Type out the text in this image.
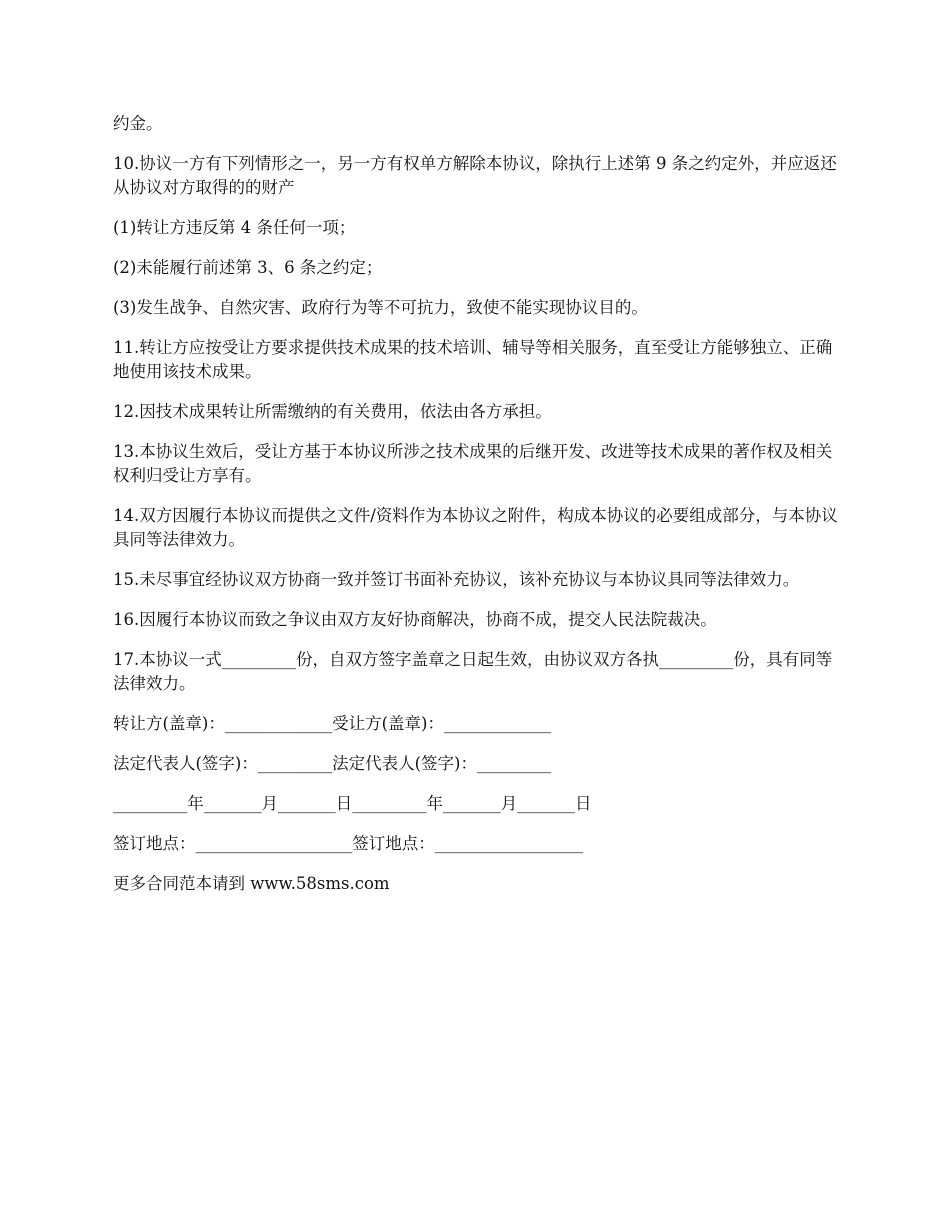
约金。

10.协议一方有下列情形之一，另一方有权单方解除本协议，除执行上述第 9 条之约定外，并应返还从协议对方取得的的财产

(1)转让方违反第 4 条任何一项；

(2)未能履行前述第 3、6 条之约定；

(3)发生战争、自然灾害、政府行为等不可抗力，致使不能实现协议目的。

11.转让方应按受让方要求提供技术成果的技术培训、辅导等相关服务，直至受让方能够独立、正确地使用该技术成果。

12.因技术成果转让所需缴纳的有关费用，依法由各方承担。

13.本协议生效后，受让方基于本协议所涉之技术成果的后继开发、改进等技术成果的著作权及相关权利归受让方享有。

14.双方因履行本协议而提供之文件/资料作为本协议之附件，构成本协议的必要组成部分，与本协议具同等法律效力。

15.未尽事宜经协议双方协商一致并签订书面补充协议，该补充协议与本协议具同等法律效力。

16.因履行本协议而致之争议由双方友好协商解决，协商不成，提交人民法院裁决。

17.本协议一式_________份，自双方签字盖章之日起生效，由协议双方各执_________份，具有同等法律效力。

转让方(盖章)：_____________受让方(盖章)：_____________

法定代表人(签字)：_________法定代表人(签字)：_________

_________年_______月_______日_________年_______月_______日

签订地点：___________________签订地点：__________________

更多合同范本请到 www.58sms.com
